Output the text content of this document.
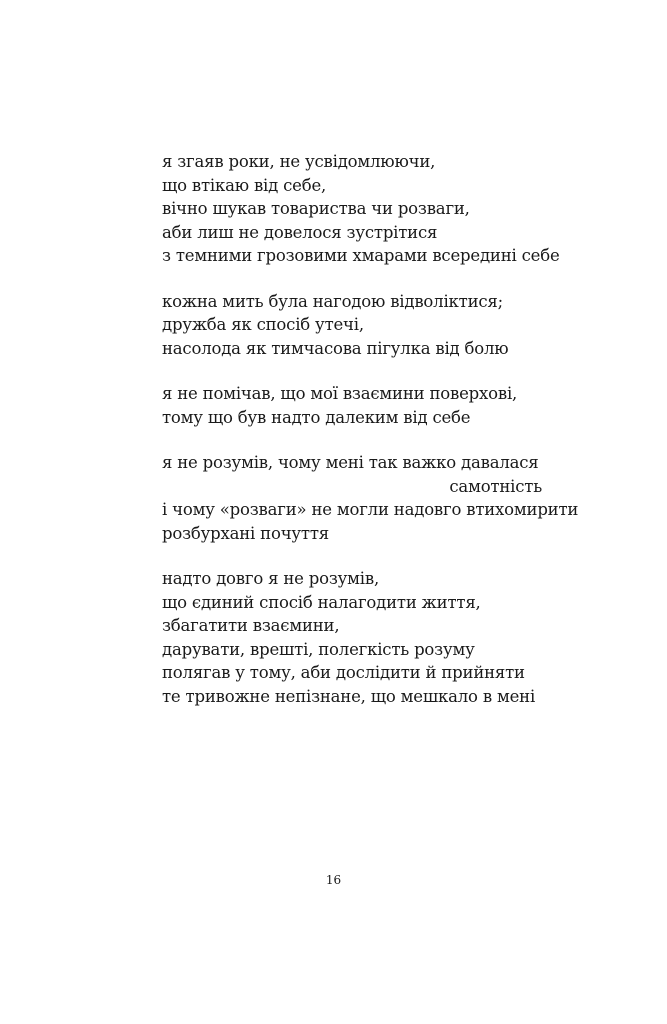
я згаяв роки, не усвідомлюючи,
що втікаю від себе,
вічно шукав товариства чи розваги,
аби лиш не довелося зустрітися
з темними грозовими хмарами всередині себе
кожна мить була нагодою відволіктися;
дружба як спосіб утечі,
насолода як тимчасова пігулка від болю
я не помічав, що мої взаємини поверхові,
тому що був надто далеким від себе
я не розумів, чому мені так важко давалася
самотність
і чому «розваги» не могли надовго втихомирити
розбурхані почуття
надто довго я не розумів,
що єдиний спосіб налагодити життя,
збагатити взаємини,
дарувати, врешті, полегкість розуму
полягав у тому, аби дослідити й прийняти
те тривожне непізнане, що мешкало в мені
16
